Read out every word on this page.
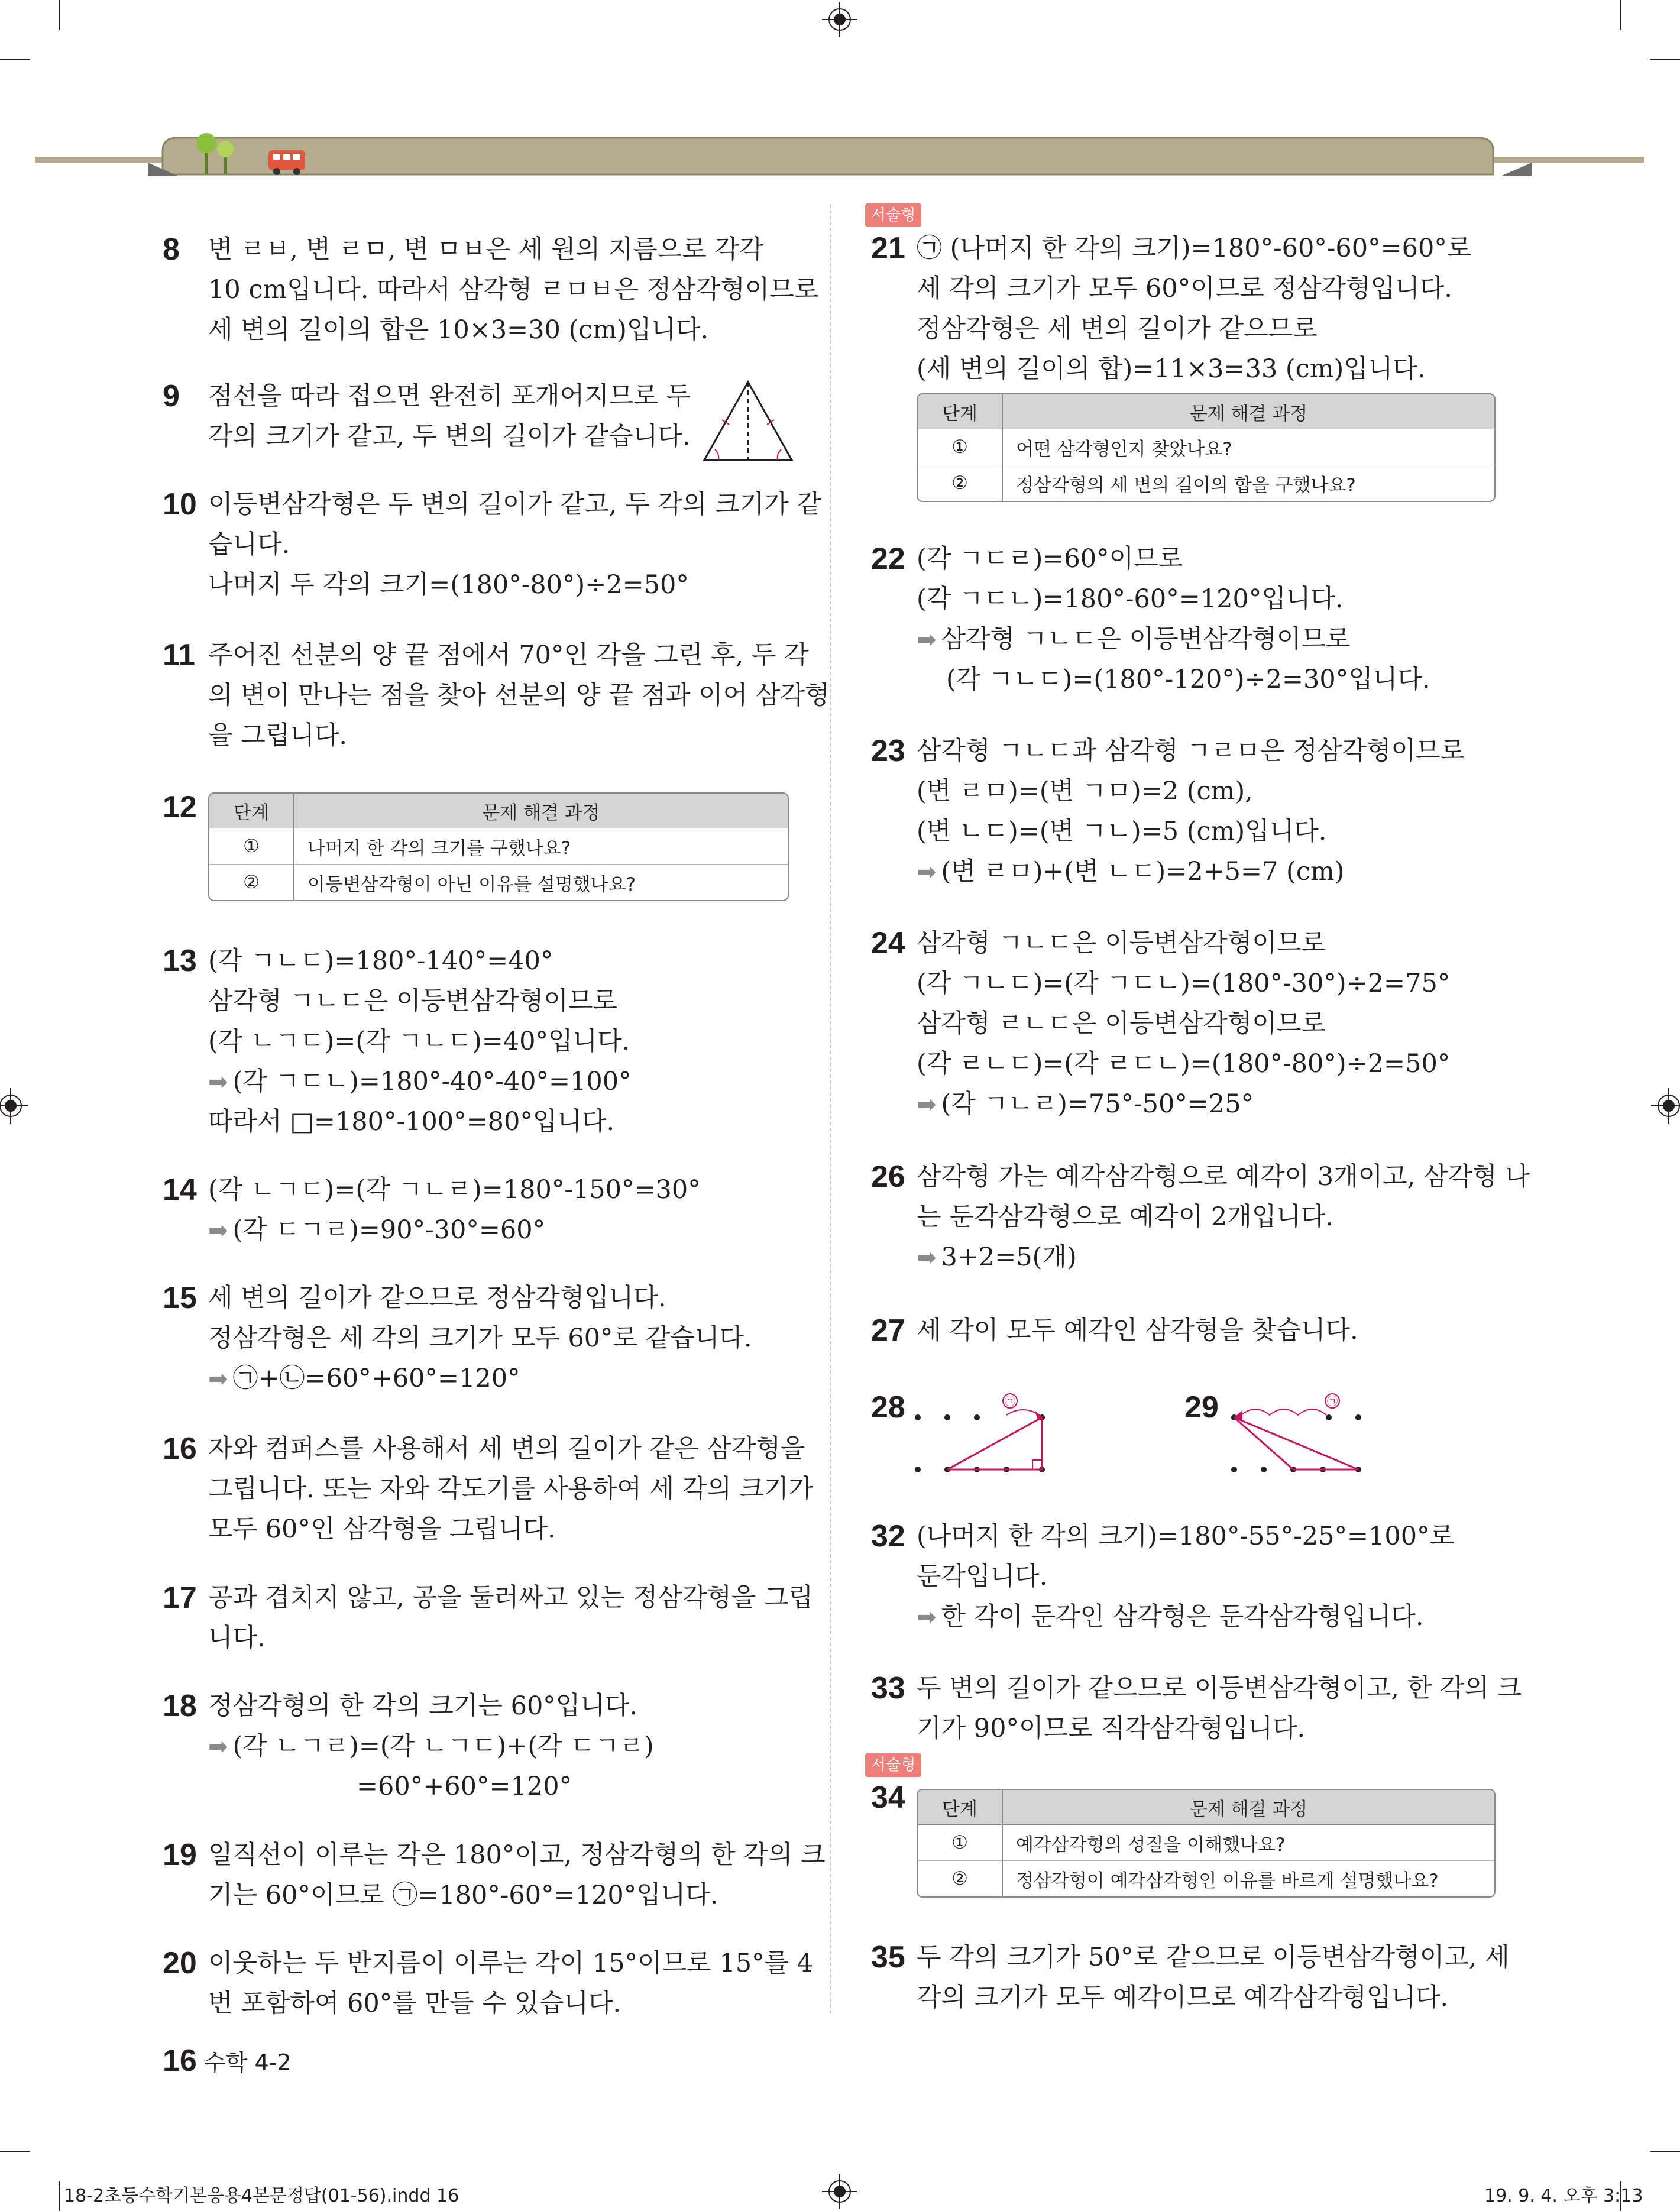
8 변 ㄹㅂ, 변 ㄹㅁ, 변 ㅁㅂ은 세 원의 지름으로 각각
10 cm입니다. 따라서 삼각형 ㄹㅁㅂ은 정삼각형이므로
세 변의 길이의 합은 10×3=30 (cm)입니다.
9 점선을 따라 접으면 완전히 포개어지므로 두
각의 크기가 같고, 두 변의 길이가 같습니다.
10 이등변삼각형은 두 변의 길이가 같고, 두 각의 크기가 같
습니다.
나머지 두 각의 크기=(180°-80°)÷2=50°
11 주어진 선분의 양 끝 점에서 70°인 각을 그린 후, 두 각
의 변이 만나는 점을 찾아 선분의 양 끝 점과 이어 삼각형
을 그립니다.
12 단계	문제 해결 과정
①	나머지 한 각의 크기를 구했나요?
②	이등변삼각형이 아닌 이유를 설명했나요?
13 (각 ㄱㄴㄷ)=180°-140°=40°
삼각형 ㄱㄴㄷ은 이등변삼각형이므로
(각 ㄴㄱㄷ)=(각 ㄱㄴㄷ)=40°입니다.
➡ (각 ㄱㄷㄴ)=180°-40°-40°=100°
따라서 □=180°-100°=80°입니다.
14 (각 ㄴㄱㄷ)=(각 ㄱㄴㄹ)=180°-150°=30°
➡ (각 ㄷㄱㄹ)=90°-30°=60°
15 세 변의 길이가 같으므로 정삼각형입니다.
정삼각형은 세 각의 크기가 모두 60°로 같습니다.
➡ ㉠+㉡=60°+60°=120°
16 자와 컴퍼스를 사용해서 세 변의 길이가 같은 삼각형을
그립니다. 또는 자와 각도기를 사용하여 세 각의 크기가
모두 60°인 삼각형을 그립니다.
17 공과 겹치지 않고, 공을 둘러싸고 있는 정삼각형을 그립
니다.
18 정삼각형의 한 각의 크기는 60°입니다.
➡ (각 ㄴㄱㄹ)=(각 ㄴㄱㄷ)+(각 ㄷㄱㄹ)
=60°+60°=120°
19 일직선이 이루는 각은 180°이고, 정삼각형의 한 각의 크
기는 60°이므로 ㉠=180°-60°=120°입니다.
20 이웃하는 두 반지름이 이루는 각이 15°이므로 15°를 4
번 포함하여 60°를 만들 수 있습니다.
서술형
21 ㉠ (나머지 한 각의 크기)=180°-60°-60°=60°로
세 각의 크기가 모두 60°이므로 정삼각형입니다.
정삼각형은 세 변의 길이가 같으므로
(세 변의 길이의 합)=11×3=33 (cm)입니다.
단계	문제 해결 과정
①	어떤 삼각형인지 찾았나요?
②	정삼각형의 세 변의 길이의 합을 구했나요?
22 (각 ㄱㄷㄹ)=60°이므로
(각 ㄱㄷㄴ)=180°-60°=120°입니다.
➡ 삼각형 ㄱㄴㄷ은 이등변삼각형이므로
(각 ㄱㄴㄷ)=(180°-120°)÷2=30°입니다.
23 삼각형 ㄱㄴㄷ과 삼각형 ㄱㄹㅁ은 정삼각형이므로
(변 ㄹㅁ)=(변 ㄱㅁ)=2 (cm),
(변 ㄴㄷ)=(변 ㄱㄴ)=5 (cm)입니다.
➡ (변 ㄹㅁ)+(변 ㄴㄷ)=2+5=7 (cm)
24 삼각형 ㄱㄴㄷ은 이등변삼각형이므로
(각 ㄱㄴㄷ)=(각 ㄱㄷㄴ)=(180°-30°)÷2=75°
삼각형 ㄹㄴㄷ은 이등변삼각형이므로
(각 ㄹㄴㄷ)=(각 ㄹㄷㄴ)=(180°-80°)÷2=50°
➡ (각 ㄱㄴㄹ)=75°-50°=25°
26 삼각형 가는 예각삼각형으로 예각이 3개이고, 삼각형 나
는 둔각삼각형으로 예각이 2개입니다.
➡ 3+2=5(개)
27 세 각이 모두 예각인 삼각형을 찾습니다.
28	㉠	29	㉠
32 (나머지 한 각의 크기)=180°-55°-25°=100°로
둔각입니다.
➡ 한 각이 둔각인 삼각형은 둔각삼각형입니다.
33 두 변의 길이가 같으므로 이등변삼각형이고, 한 각의 크
기가 90°이므로 직각삼각형입니다.
서술형
34 단계	문제 해결 과정
①	예각삼각형의 성질을 이해했나요?
②	정삼각형이 예각삼각형인 이유를 바르게 설명했나요?
35 두 각의 크기가 50°로 같으므로 이등변삼각형이고, 세
각의 크기가 모두 예각이므로 예각삼각형입니다.
16 수학 4-2
18-2초등수학기본응용4본문정답(01-56).indd 16	19. 9. 4. 오후 3:13
